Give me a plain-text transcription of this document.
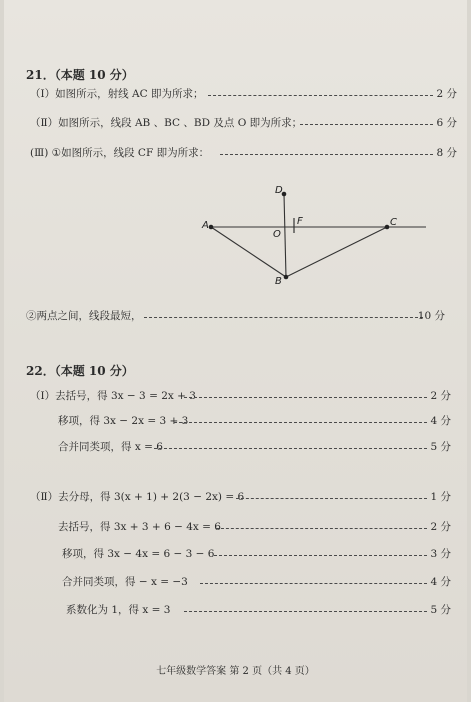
21．（本题 10 分）
（Ⅰ）如图所示，射线 AC 即为所求；	2 分
（Ⅱ）如图所示，线段 AB 、BC 、BD 及点 O 即为所求；	6 分
(Ⅲ) ①如图所示，线段 CF 即为所求：	8 分
A	C
B
D
O
F
②两点之间，线段最短，	10 分
22．（本题 10 分）
（Ⅰ）去括号，得 3x − 3 = 2x + 3	2 分
移项，得 3x − 2x = 3 + 3	4 分
合并同类项，得 x = 6	5 分
（Ⅱ）去分母，得 3(x + 1) + 2(3 − 2x) = 6	1 分
去括号，得 3x + 3 + 6 − 4x = 6	2 分
移项，得 3x − 4x = 6 − 3 − 6	3 分
合并同类项，得 − x = −3	4 分
系数化为 1，得 x = 3	5 分
七年级数学答案 第 2 页（共 4 页）
